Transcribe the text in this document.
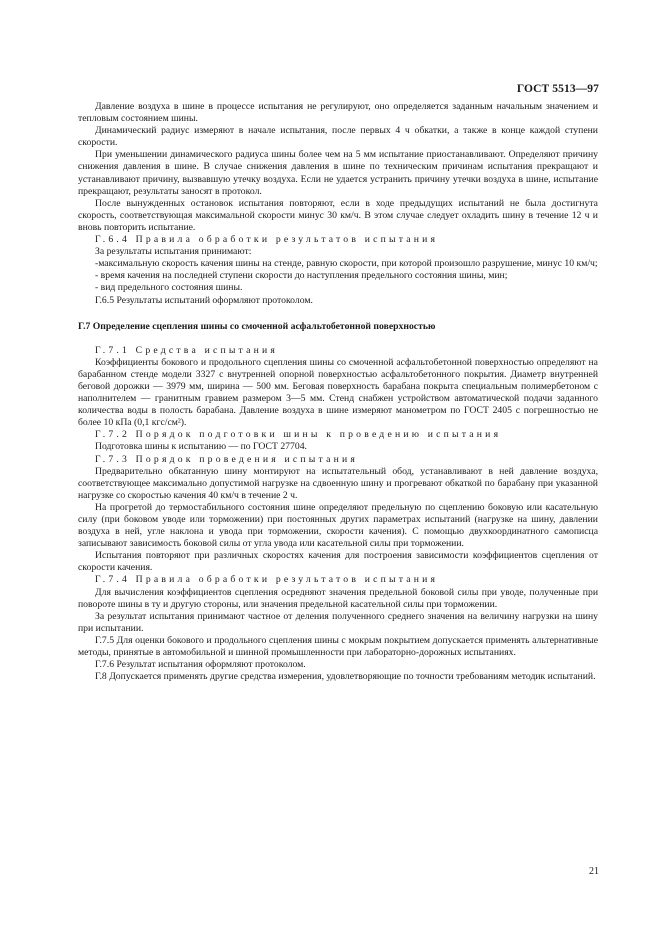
ГОСТ 5513—97

Давление воздуха в шине в процессе испытания не регулируют, оно определяется заданным начальным значением и тепловым состоянием шины.

Динамический радиус измеряют в начале испытания, после первых 4 ч обкатки, а также в конце каждой ступени скорости.

При уменьшении динамического радиуса шины более чем на 5 мм испытание приостанавливают. Определяют причину снижения давления в шине. В случае снижения давления в шине по техническим причинам испытания прекращают и устанавливают причину, вызвавшую утечку воздуха. Если не удается устранить причину утечки воздуха в шине, испытание прекращают, результаты заносят в протокол.

После вынужденных остановок испытания повторяют, если в ходе предыдущих испытаний не была достигнута скорость, соответствующая максимальной скорости минус 30 км/ч. В этом случае следует охладить шину в течение 12 ч и вновь повторить испытание.

Г.6.4 Правила обработки результатов испытания

За результаты испытания принимают:

-максимальную скорость качения шины на стенде, равную скорости, при которой произошло разрушение, минус 10 км/ч;

- время качения на последней ступени скорости до наступления предельного состояния шины, мин;

- вид предельного состояния шины.

Г.6.5 Результаты испытаний оформляют протоколом.

Г.7 Определение сцепления шины со смоченной асфальтобетонной поверхностью

Г.7.1 Средства испытания

Коэффициенты бокового и продольного сцепления шины со смоченной асфальтобетонной поверхностью определяют на барабанном стенде модели 3327 с внутренней опорной поверхностью асфальтобетонного покрытия. Диаметр внутренней беговой дорожки — 3979 мм, ширина — 500 мм. Беговая поверхность барабана покрыта специальным полимербетоном с наполнителем — гранитным гравием размером 3—5 мм. Стенд снабжен устройством автоматической подачи заданного количества воды в полость барабана. Давление воздуха в шине измеряют манометром по ГОСТ 2405 с погрешностью не более 10 кПа (0,1 кгс/см²).

Г.7.2 Порядок подготовки шины к проведению испытания

Подготовка шины к испытанию — по ГОСТ 27704.

Г.7.3 Порядок проведения испытания

Предварительно обкатанную шину монтируют на испытательный обод, устанавливают в ней давление воздуха, соответствующее максимально допустимой нагрузке на сдвоенную шину и прогревают обкаткой по барабану при указанной нагрузке со скоростью качения 40 км/ч в течение 2 ч.

На прогретой до термостабильного состояния шине определяют предельную по сцеплению боковую или касательную силу (при боковом уводе или торможении) при постоянных других параметрах испытаний (нагрузке на шину, давлении воздуха в ней, угле наклона и увода при торможении, скорости качения). С помощью двухкоординатного самописца записывают зависимость боковой силы от угла увода или касательной силы при торможении.

Испытания повторяют при различных скоростях качения для построения зависимости коэффициентов сцепления от скорости качения.

Г.7.4 Правила обработки результатов испытания

Для вычисления коэффициентов сцепления осредняют значения предельной боковой силы при уводе, полученные при повороте шины в ту и другую стороны, или значения предельной касательной силы при торможении.

За результат испытания принимают частное от деления полученного среднего значения на величину нагрузки на шину при испытании.

Г.7.5 Для оценки бокового и продольного сцепления шины с мокрым покрытием допускается применять альтернативные методы, принятые в автомобильной и шинной промышленности при лабораторно-дорожных испытаниях.

Г.7.6 Результат испытания оформляют протоколом.

Г.8 Допускается применять другие средства измерения, удовлетворяющие по точности требованиям методик испытаний.

21
